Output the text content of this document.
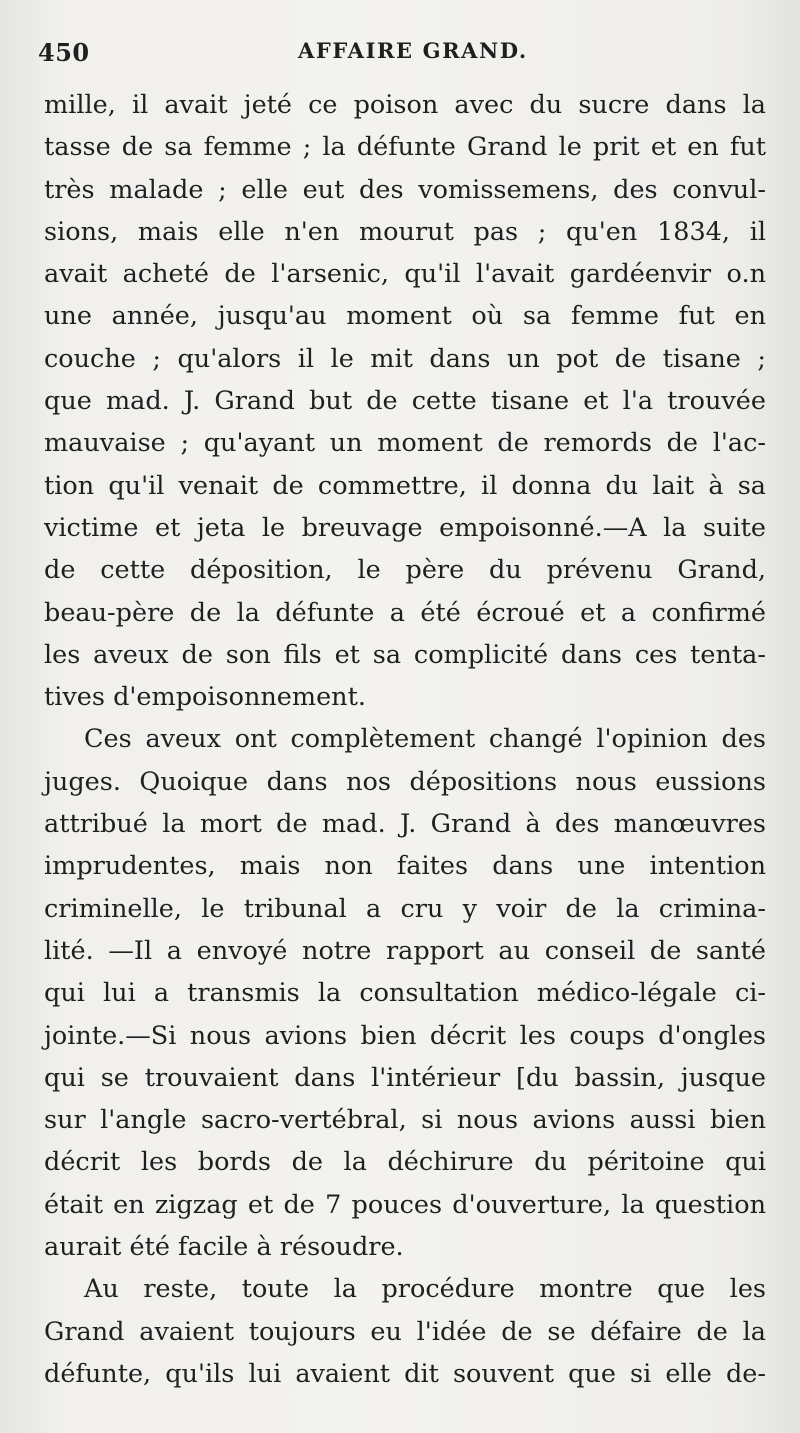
450	AFFAIRE GRAND.
mille, il avait jeté ce poison avec du sucre dans la
tasse de sa femme ; la défunte Grand le prit et en fut
très malade ; elle eut des vomissemens, des convul-
sions, mais elle n'en mourut pas ; qu'en 1834, il
avait acheté de l'arsenic, qu'il l'avait gardéenvir o.n
une année, jusqu'au moment où sa femme fut en
couche ; qu'alors il le mit dans un pot de tisane ;
que mad. J. Grand but de cette tisane et l'a trouvée
mauvaise ; qu'ayant un moment de remords de l'ac-
tion qu'il venait de commettre, il donna du lait à sa
victime et jeta le breuvage empoisonné.—A la suite
de cette déposition, le père du prévenu Grand,
beau-père de la défunte a été écroué et a confirmé
les aveux de son fils et sa complicité dans ces tenta-
tives d'empoisonnement.
Ces aveux ont complètement changé l'opinion des
juges. Quoique dans nos dépositions nous eussions
attribué la mort de mad. J. Grand à des manœuvres
imprudentes, mais non faites dans une intention
criminelle, le tribunal a cru y voir de la crimina-
lité. —Il a envoyé notre rapport au conseil de santé
qui lui a transmis la consultation médico-légale ci-
jointe.—Si nous avions bien décrit les coups d'ongles
qui se trouvaient dans l'intérieur [du bassin, jusque
sur l'angle sacro-vertébral, si nous avions aussi bien
décrit les bords de la déchirure du péritoine qui
était en zigzag et de 7 pouces d'ouverture, la question
aurait été facile à résoudre.
Au reste, toute la procédure montre que les
Grand avaient toujours eu l'idée de se défaire de la
défunte, qu'ils lui avaient dit souvent que si elle de-
